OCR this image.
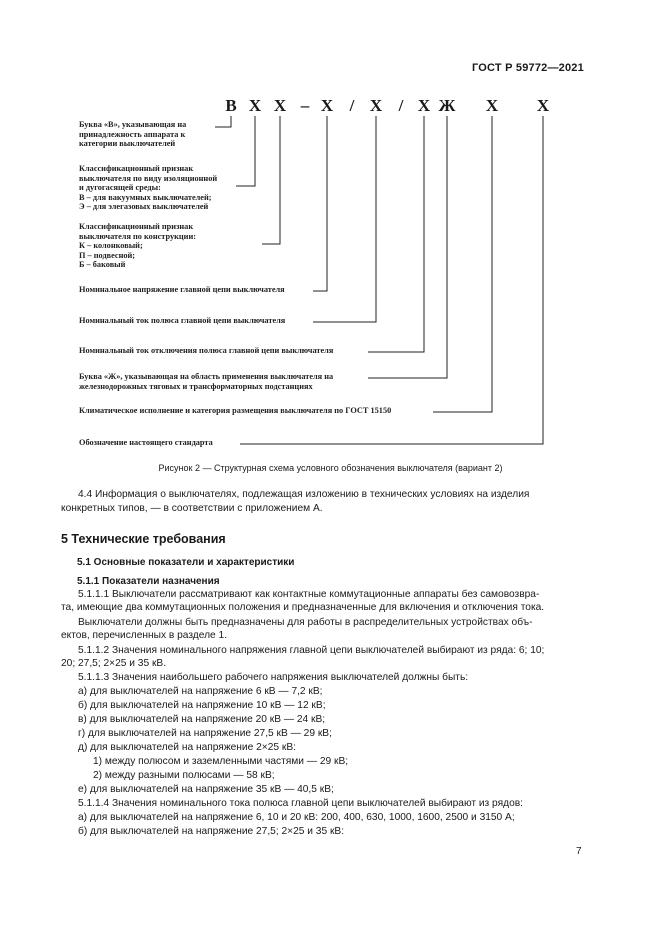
ГОСТ Р 59772—2021
В Х Х – Х / Х / Х Ж Х Х
Буква «В», указывающая на
принадлежность аппарата к
категории выключателей
Классификационный признак
выключателя по виду изоляционной
и дугогасящей среды:
В – для вакуумных выключателей;
Э – для элегазовых выключателей
Классификационный признак
выключателя по конструкции:
К – колонковый;
П – подвесной;
Б – баковый
Номинальное напряжение главной цепи выключателя
Номинальный ток полюса главной цепи выключателя
Номинальный ток отключения полюса главной цепи выключателя
Буква «Ж», указывающая на область применения выключателя на
железнодорожных тяговых и трансформаторных подстанциях
Климатическое исполнение и категория размещения выключателя по ГОСТ 15150
Обозначение настоящего стандарта
Рисунок 2 — Структурная схема условного обозначения выключателя (вариант 2)
4.4 Информация о выключателях, подлежащая изложению в технических условиях на изделия
конкретных типов, — в соответствии с приложением А.
5 Технические требования
5.1 Основные показатели и характеристики
5.1.1 Показатели назначения
5.1.1.1 Выключатели рассматривают как контактные коммутационные аппараты без самовозвра-
та, имеющие два коммутационных положения и предназначенные для включения и отключения тока.
Выключатели должны быть предназначены для работы в распределительных устройствах объ-
ектов, перечисленных в разделе 1.
5.1.1.2 Значения номинального напряжения главной цепи выключателей выбирают из ряда: 6; 10;
20; 27,5; 2×25 и 35 кВ.
5.1.1.3 Значения наибольшего рабочего напряжения выключателей должны быть:
а) для выключателей на напряжение 6 кВ — 7,2 кВ;
б) для выключателей на напряжение 10 кВ — 12 кВ;
в) для выключателей на напряжение 20 кВ — 24 кВ;
г) для выключателей на напряжение 27,5 кВ — 29 кВ;
д) для выключателей на напряжение 2×25 кВ:
1) между полюсом и заземленными частями — 29 кВ;
2) между разными полюсами — 58 кВ;
е) для выключателей на напряжение 35 кВ — 40,5 кВ;
5.1.1.4 Значения номинального тока полюса главной цепи выключателей выбирают из рядов:
а) для выключателей на напряжение 6, 10 и 20 кВ: 200, 400, 630, 1000, 1600, 2500 и 3150 А;
б) для выключателей на напряжение 27,5; 2×25 и 35 кВ:
7
